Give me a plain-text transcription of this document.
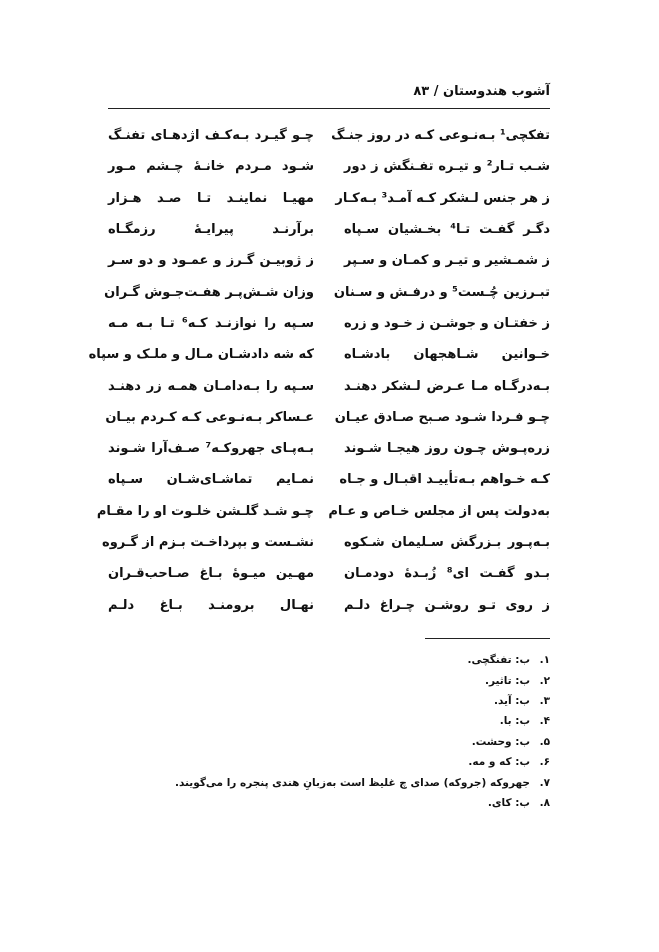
آشوب هندوستان / ۸۳
تفکچی¹ بـه‌نـوعی کـه در روز جنـگ
چـو گیـرد بـه‌کـف اژدهـای تفنـگ
شـب تـار² و تیـره تفـنگش ز دور
شـود مـردم خانـۀ چـشم مـور
ز هر جنس لـشکر کـه آمـد³ بـه‌کـار
مهیـا نماینـد تـا صـد هـزار
دگـر گفـت تـا⁴ بخـشیان سـپاه
برآرنـد پیرایـۀ رزمگـاه
ز شمـشیر و تیـر و کمـان و سـپر
ز ژوبیـن گـرز و عمـود و دو سـر
تبـرزین چُـست⁵ و درفـش و سـنان
وزان شـش‌پـر هفـت‌جـوش گـران
ز خفتـان و جوشـن ز خـود و زره
سـپه را نوازنـد کـه⁶ تـا بـه مـه
خـوانین شـاهجهان بادشـاه
که شه دادشـان مـال و ملـک و سپاه
بـه‌درگـاه مـا عـرض لـشکر دهنـد
سـپه را بـه‌دامـان همـه زر دهنـد
چـو فـردا شـود صـبح صـادق عیـان
عـساکر بـه‌نـوعی کـه کـردم بیـان
زره‌پـوش چـون روز هیجـا شـوند
بـه‌پـای جهروکـه⁷ صـف‌آرا شـوند
کـه خـواهم بـه‌تأییـد اقبـال و جـاه
نمـایم تماشـای‌شـان سـپاه
به‌دولت پس از مجلس خـاص و عـام
چـو شـد گلـشن خلـوت او را مقـام
بـه‌پـور بـزرگش سـلیمان شـکوه
نشـست و بپرداخـت بـزم از گـروه
بـدو گفـت ای⁸ زُبـدۀ دودمـان
مهـین میـوۀ بـاغ صـاحب‌قـران
ز روی تـو روشـن چـراغ دلـم
نهـال برومنـد بـاغ دلـم
۱.
ب: تفنگچی.
۲.
ب: تاثیر.
۳.
ب: آید.
۴.
ب: با.
۵.
ب: وحشت.
۶.
ب: که و مه.
۷.
جهروکه (جروکه) صدای چ غلیظ است به‌زبانِ هندی پنجره را می‌گویند.
۸.
ب: کای.
